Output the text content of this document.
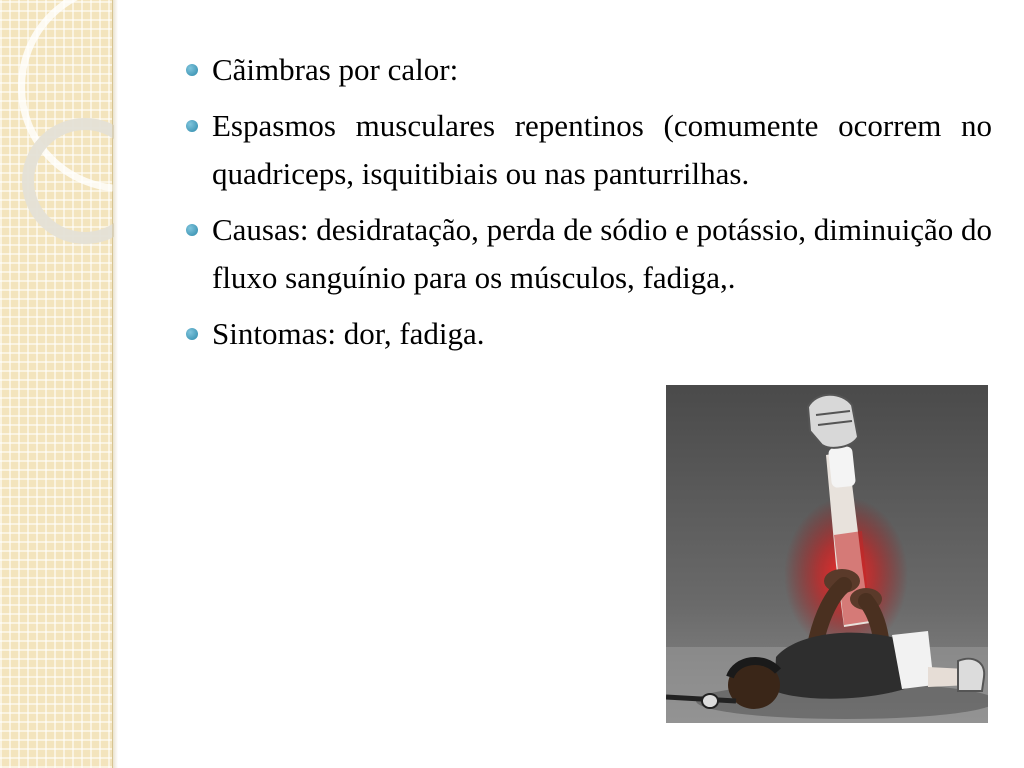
Cãimbras por calor:
Espasmos musculares repentinos (comumente ocorrem no quadriceps, isquitibiais ou nas panturrilhas.
Causas: desidratação, perda de sódio e potássio, diminuição do fluxo sanguínio para os músculos, fadiga,.
Sintomas: dor, fadiga.
